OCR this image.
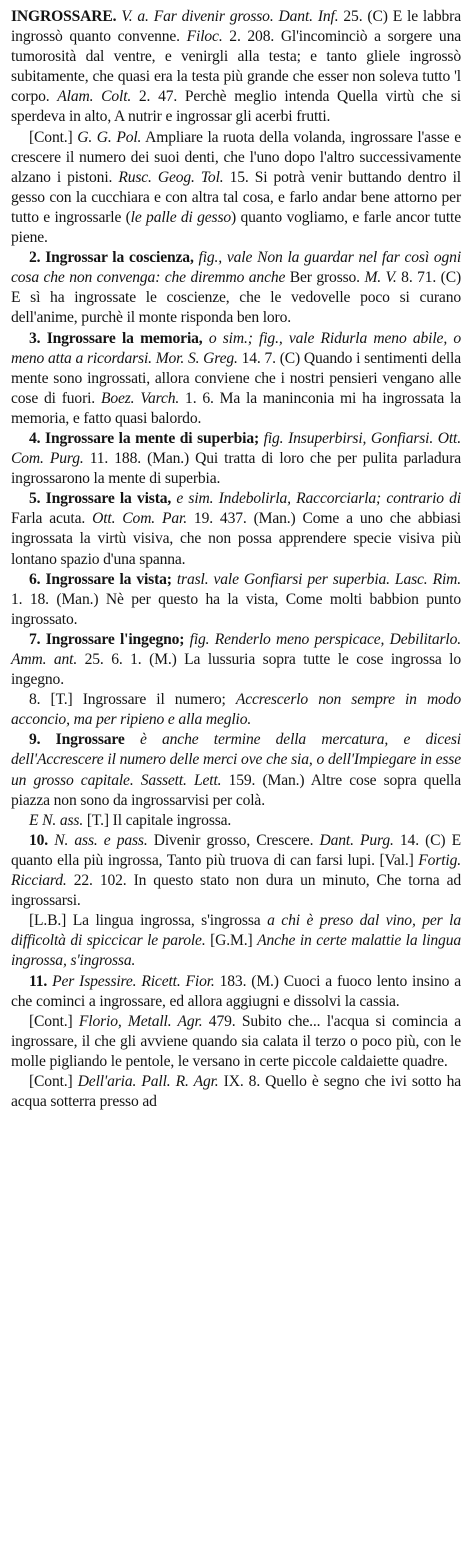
INGROSSARE. V. a. Far divenir grosso. Dant. Inf. 25. (C) E le labbra ingrossò quanto convenne. Filoc. 2. 208. Gl'incominciò a sorgere una tumorosità dal ventre, e venirgli alla testa; e tanto gliele ingrossò subitamente, che quasi era la testa più grande che esser non soleva tutto 'l corpo. Alam. Colt. 2. 47. Perchè meglio intenda Quella virtù che si sperdeva in alto, A nutrir e ingrossar gli acerbi frutti.

[Cont.] G. G. Pol. Ampliare la ruota della volanda, ingrossare l'asse e crescere il numero dei suoi denti, che l'uno dopo l'altro successivamente alzano i pistoni. Rusc. Geog. Tol. 15. Si potrà venir buttando dentro il gesso con la cucchiara e con altra tal cosa, e farlo andar bene attorno per tutto e ingrossarle (le palle di gesso) quanto vogliamo, e farle ancor tutte piene.

2. Ingrossar la coscienza, fig., vale Non la guardar nel far così ogni cosa che non convenga: che diremmo anche Ber grosso. M. V. 8. 71. (C) E sì ha ingrossate le coscienze, che le vedovelle poco si curano dell'anime, purchè il monte risponda ben loro.

3. Ingrossare la memoria, o sim.; fig., vale Ridurla meno abile, o meno atta a ricordarsi. Mor. S. Greg. 14. 7. (C) Quando i sentimenti della mente sono ingrossati, allora conviene che i nostri pensieri vengano alle cose di fuori. Boez. Varch. 1. 6. Ma la maninconia mi ha ingrossata la memoria, e fatto quasi balordo.

4. Ingrossare la mente di superbia; fig. Insuperbirsi, Gonfiarsi. Ott. Com. Purg. 11. 188. (Man.) Qui tratta di loro che per pulita parladura ingrossarono la mente di superbia.

5. Ingrossare la vista, e sim. Indebolirla, Raccorciarla; contrario di Farla acuta. Ott. Com. Par. 19. 437. (Man.) Come a uno che abbiasi ingrossata la virtù visiva, che non possa apprendere specie visiva più lontano spazio d'una spanna.

6. Ingrossare la vista; trasl. vale Gonfiarsi per superbia. Lasc. Rim. 1. 18. (Man.) Nè per questo ha la vista, Come molti babbion punto ingrossato.

7. Ingrossare l'ingegno; fig. Renderlo meno perspicace, Debilitarlo. Amm. ant. 25. 6. 1. (M.) La lussuria sopra tutte le cose ingrossa lo ingegno.

8. [T.] Ingrossare il numero; Accrescerlo non sempre in modo acconcio, ma per ripieno e alla meglio.

9. Ingrossare è anche termine della mercatura, e dicesi dell'Accrescere il numero delle merci ove che sia, o dell'Impiegare in esse un grosso capitale. Sassett. Lett. 159. (Man.) Altre cose sopra quella piazza non sono da ingrossarvisi per colà.

E N. ass. [T.] Il capitale ingrossa.

10. N. ass. e pass. Divenir grosso, Crescere. Dant. Purg. 14. (C) E quanto ella più ingrossa, Tanto più truova di can farsi lupi. [Val.] Fortig. Ricciard. 22. 102. In questo stato non dura un minuto, Che torna ad ingrossarsi.

[L.B.] La lingua ingrossa, s'ingrossa a chi è preso dal vino, per la difficoltà di spiccicar le parole. [G.M.] Anche in certe malattie la lingua ingrossa, s'ingrossa.

11. Per Ispessire. Ricett. Fior. 183. (M.) Cuoci a fuoco lento insino a che cominci a ingrossare, ed allora aggiugni e dissolvi la cassia.

[Cont.] Florio, Metall. Agr. 479. Subito che... l'acqua si comincia a ingrossare, il che gli avviene quando sia calata il terzo o poco più, con le molle pigliando le pentole, le versano in certe piccole caldaiette quadre.

[Cont.] Dell'aria. Pall. R. Agr. IX. 8. Quello è segno che ivi sotto ha acqua sotterra presso ad
